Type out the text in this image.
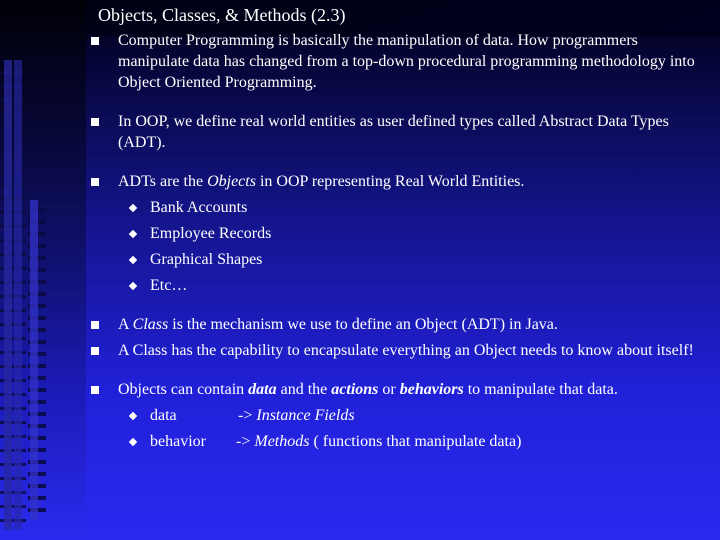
Objects, Classes, & Methods (2.3)

Computer Programming is basically the manipulation of data. How programmers manipulate data has changed from a top-down procedural programming methodology into Object Oriented Programming.

In OOP, we define real world entities as user defined types called Abstract Data Types (ADT).

ADTs are the Objects in OOP representing Real World Entities.

Bank Accounts

Employee Records

Graphical Shapes

Etc…

A Class is the mechanism we use to define an Object (ADT) in Java.

A Class has the capability to encapsulate everything an Object needs to know about itself!

Objects can contain data and the actions or behaviors to manipulate that data.

data	-> Instance Fields

behavior -> Methods ( functions that manipulate data)
